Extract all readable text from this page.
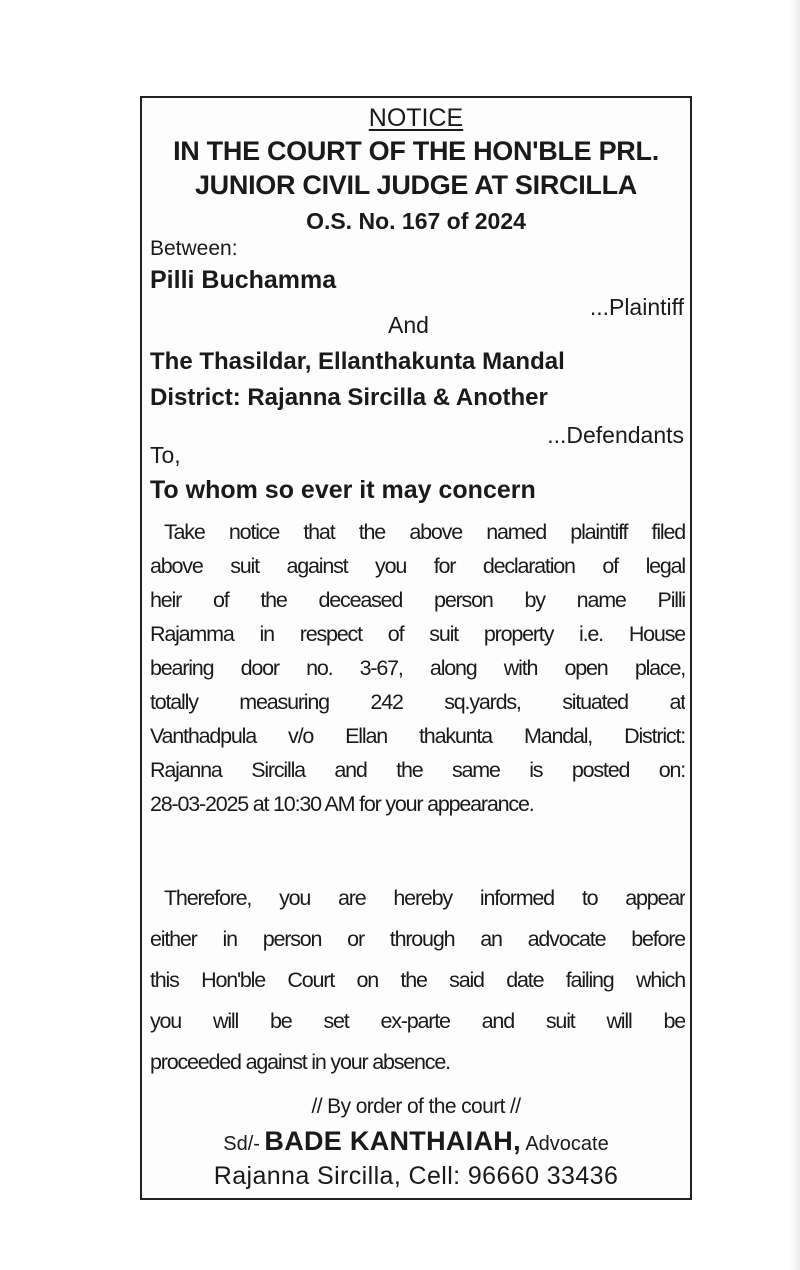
NOTICE
IN THE COURT OF THE HON'BLE PRL.
JUNIOR CIVIL JUDGE AT SIRCILLA
O.S. No. 167 of 2024
Between:
Pilli Buchamma
...Plaintiff
And
The Thasildar, Ellanthakunta Mandal
District: Rajanna Sircilla & Another
...Defendants
To,
To whom so ever it may concern
Take notice that the above named plaintiff filed
above suit against you for declaration of legal
heir of the deceased person by name Pilli
Rajamma in respect of suit property i.e. House
bearing door no. 3-67, along with open place,
totally measuring 242 sq.yards, situated at
Vanthadpula v/o Ellan thakunta Mandal, District:
Rajanna Sircilla and the same is posted on:
28-03-2025 at 10:30 AM for your appearance.
Therefore, you are hereby informed to appear
either in person or through an advocate before
this Hon'ble Court on the said date failing which
you will be set ex-parte and suit will be
proceeded against in your absence.
// By order of the court //
Sd/- BADE KANTHAIAH, Advocate
Rajanna Sircilla, Cell: 96660 33436
